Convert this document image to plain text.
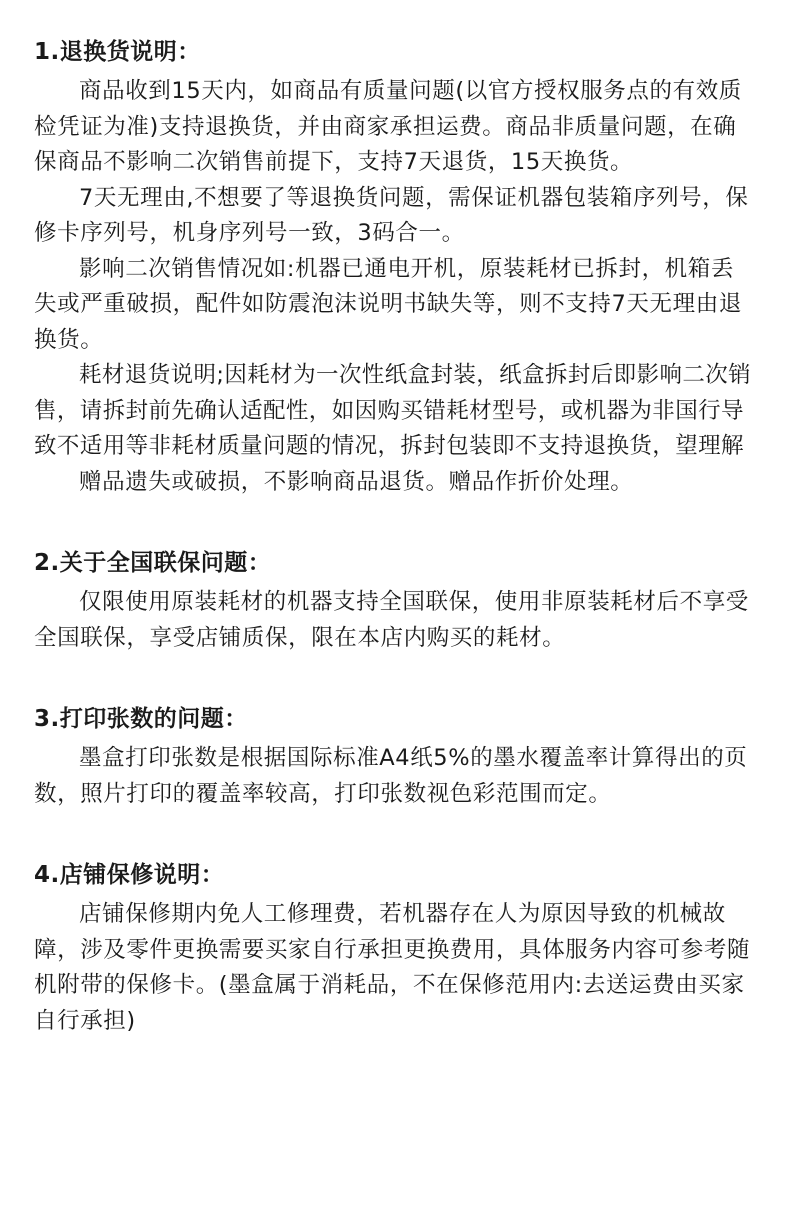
1.退换货说明：

商品收到15天内，如商品有质量问题(以官方授权服务点的有效质检凭证为准)支持退换货，并由商家承担运费。商品非质量问题，在确保商品不影响二次销售前提下，支持7天退货，15天换货。

7天无理由,不想要了等退换货问题，需保证机器包装箱序列号，保修卡序列号，机身序列号一致，3码合一。

影响二次销售情况如:机器已通电开机，原装耗材已拆封，机箱丢失或严重破损，配件如防震泡沫说明书缺失等，则不支持7天无理由退换货。

耗材退货说明;因耗材为一次性纸盒封装，纸盒拆封后即影响二次销售，请拆封前先确认适配性，如因购买错耗材型号，或机器为非国行导致不适用等非耗材质量问题的情况，拆封包装即不支持退换货，望理解

赠品遗失或破损，不影响商品退货。赠品作折价处理。

2.关于全国联保问题：

仅限使用原装耗材的机器支持全国联保，使用非原装耗材后不享受全国联保，享受店铺质保，限在本店内购买的耗材。

3.打印张数的问题：

墨盒打印张数是根据国际标准A4纸5%的墨水覆盖率计算得出的页数，照片打印的覆盖率较高，打印张数视色彩范围而定。

4.店铺保修说明：

店铺保修期内免人工修理费，若机器存在人为原因导致的机械故障，涉及零件更换需要买家自行承担更换费用，具体服务内容可参考随机附带的保修卡。(墨盒属于消耗品，不在保修范用内:去送运费由买家自行承担)
